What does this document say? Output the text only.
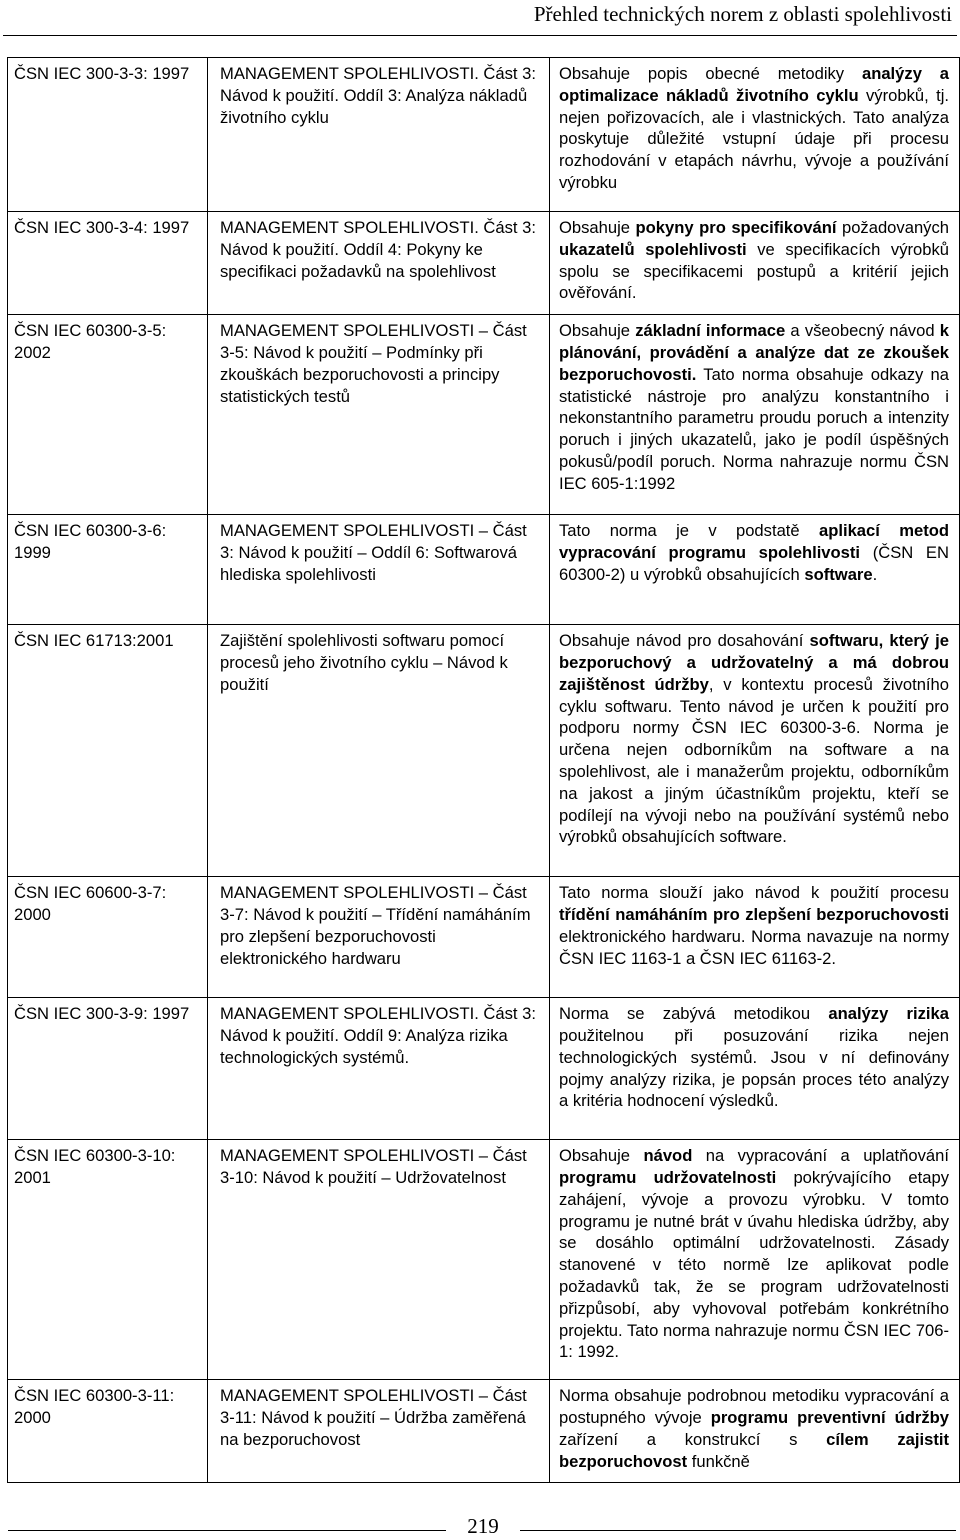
Přehled technických norem z oblasti spolehlivosti
ČSN IEC 300-3-3: 1997	MANAGEMENT SPOLEHLIVOSTI. Část 3: Návod k použití. Oddíl 3: Analýza nákladů životního cyklu	Obsahuje popis obecné metodiky analýzy a optimalizace nákladů životního cyklu výrobků, tj. nejen pořizovacích, ale i vlastnických. Tato analýza poskytuje důležité vstupní údaje při procesu rozhodování v etapách návrhu, vývoje a používání výrobku
ČSN IEC 300-3-4: 1997	MANAGEMENT SPOLEHLIVOSTI. Část 3: Návod k použití. Oddíl 4: Pokyny ke specifikaci požadavků na spolehlivost	Obsahuje pokyny pro specifikování požadovaných ukazatelů spolehlivosti ve specifikacích výrobků spolu se specifikacemi postupů a kritérií jejich ověřování.
ČSN IEC 60300-3-5: 2002	MANAGEMENT SPOLEHLIVOSTI – Část 3-5: Návod k použití – Podmínky při zkouškách bezporuchovosti a principy statistických testů	Obsahuje základní informace a všeobecný návod k plánování, provádění a analýze dat ze zkoušek bezporuchovosti. Tato norma obsahuje odkazy na statistické nástroje pro analýzu konstantního i nekonstantního parametru proudu poruch a intenzity poruch i jiných ukazatelů, jako je podíl úspěšných pokusů/podíl poruch. Norma nahrazuje normu ČSN IEC 605-1:1992
ČSN IEC 60300-3-6: 1999	MANAGEMENT SPOLEHLIVOSTI – Část 3: Návod k použití – Oddíl 6: Softwarová hlediska spolehlivosti	Tato norma je v podstatě aplikací metod vypracování programu spolehlivosti (ČSN EN 60300-2) u výrobků obsahujících software.
ČSN IEC 61713:2001	Zajištění spolehlivosti softwaru pomocí procesů jeho životního cyklu – Návod k použití	Obsahuje návod pro dosahování softwaru, který je bezporuchový a udržovatelný a má dobrou zajištěnost údržby, v kontextu procesů životního cyklu softwaru. Tento návod je určen k použití pro podporu normy ČSN IEC 60300-3-6. Norma je určena nejen odborníkům na software a na spolehlivost, ale i manažerům projektu, odborníkům na jakost a jiným účastníkům projektu, kteří se podílejí na vývoji nebo na používání systémů nebo výrobků obsahujících software.
ČSN IEC 60600-3-7: 2000	MANAGEMENT SPOLEHLIVOSTI – Část 3-7: Návod k použití – Třídění namáháním pro zlepšení bezporuchovosti elektronického hardwaru	Tato norma slouží jako návod k použití procesu třídění namáháním pro zlepšení bezporuchovosti elektronického hardwaru. Norma navazuje na normy ČSN IEC 1163-1 a ČSN IEC 61163-2.
ČSN IEC 300-3-9: 1997	MANAGEMENT SPOLEHLIVOSTI. Část 3: Návod k použití. Oddíl 9: Analýza rizika technologických systémů.	Norma se zabývá metodikou analýzy rizika použitelnou při posuzování rizika nejen technologických systémů. Jsou v ní definovány pojmy analýzy rizika, je popsán proces této analýzy a kritéria hodnocení výsledků.
ČSN IEC 60300-3-10: 2001	MANAGEMENT SPOLEHLIVOSTI – Část 3-10: Návod k použití – Udržovatelnost	Obsahuje návod na vypracování a uplatňování programu udržovatelnosti pokrývajícího etapy zahájení, vývoje a provozu výrobku. V tomto programu je nutné brát v úvahu hlediska údržby, aby se dosáhlo optimální udržovatelnosti. Zásady stanovené v této normě lze aplikovat podle požadavků tak, že se program udržovatelnosti přizpůsobí, aby vyhovoval potřebám konkrétního projektu. Tato norma nahrazuje normu ČSN IEC 706-1: 1992.
ČSN IEC 60300-3-11: 2000	MANAGEMENT SPOLEHLIVOSTI – Část 3-11: Návod k použití – Údržba zaměřená na bezporuchovost	Norma obsahuje podrobnou metodiku vypracování a postupného vývoje programu preventivní údržby zařízení a konstrukcí s cílem zajistit bezporuchovost funkčně
219
